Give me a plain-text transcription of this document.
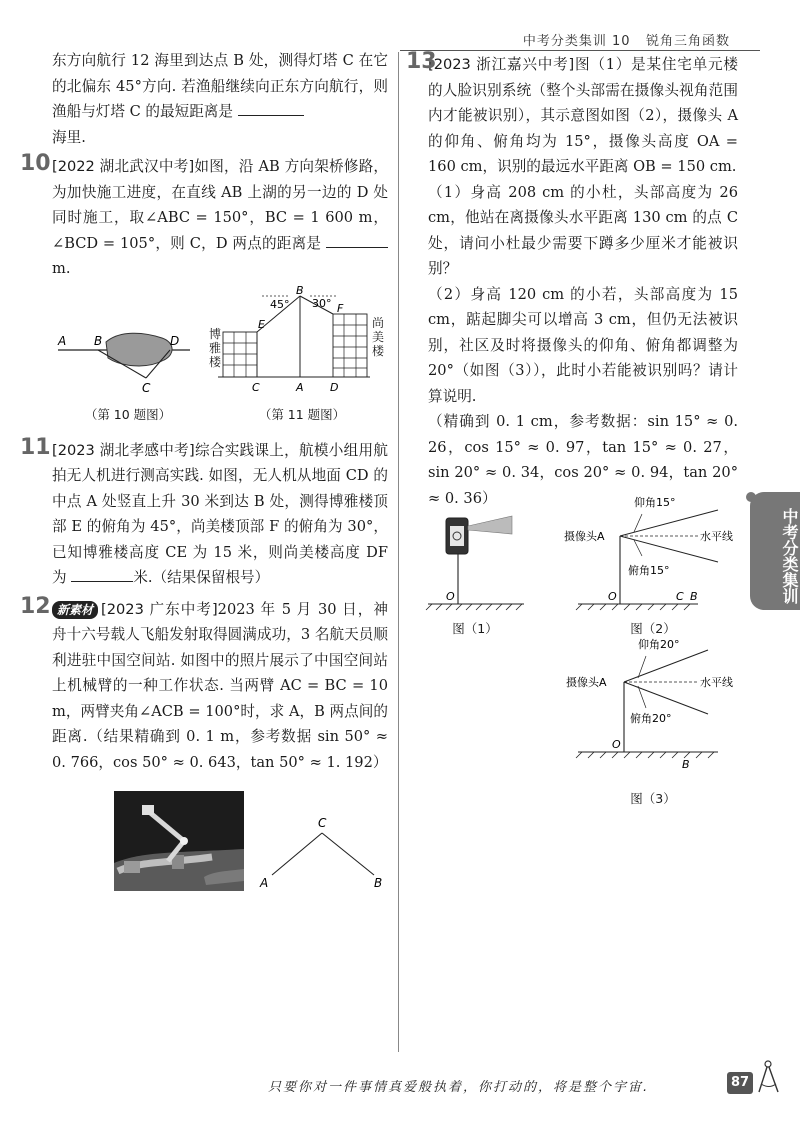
中考分类集训 10 锐角三角函数
东方向航行 12 海里到达点 B 处，测得灯塔 C 在它的北偏东 45°方向. 若渔船继续向正东方向航行，则渔船与灯塔 C 的最短距离是
海里.
10 [2022 湖北武汉中考]如图，沿 AB 方向架桥修路，为加快施工进度，在直线 AB 上湖的另一边的 D 处同时施工，取∠ABC = 150°，BC = 1 600 m，∠BCD = 105°，则 C，D 两点的距离是 m.
A B	D
C
B
45° 30°
E
F
C	A D
博雅楼
尚美楼
（第 10 题图）	（第 11 题图）
11 [2023 湖北孝感中考]综合实践课上，航模小组用航拍无人机进行测高实践. 如图，无人机从地面 CD 的中点 A 处竖直上升 30 米到达 B 处，测得博雅楼顶部 E 的俯角为 45°，尚美楼顶部 F 的俯角为 30°，已知博雅楼高度 CE 为 15 米，则尚美楼高度 DF 为	米.（结果保留根号）
12 新素材 [2023 广东中考]2023 年 5 月 30 日，神舟十六号载人飞船发射取得圆满成功，3 名航天员顺利进驻中国空间站. 如图中的照片展示了中国空间站上机械臂的一种工作状态. 当两臂 AC = BC = 10 m，两臂夹角∠ACB = 100°时，求 A，B 两点间的距离.（结果精确到 0. 1 m，参考数据 sin 50° ≈ 0. 766，cos 50° ≈ 0. 643，tan 50° ≈ 1. 192）
C
A	B
13
[2023 浙江嘉兴中考]图（1）是某住宅单元楼的人脸识别系统（整个头部需在摄像头视角范围内才能被识别），其示意图如图（2），摄像头 A 的仰角、俯角均为 15°，摄像头高度 OA = 160 cm，识别的最远水平距离 OB = 150 cm.
（1）身高 208 cm 的小杜，头部高度为 26 cm，他站在离摄像头水平距离 130 cm 的点 C 处，请问小杜最少需要下蹲多少厘米才能被识别？
（2）身高 120 cm 的小若，头部高度为 15 cm，踮起脚尖可以增高 3 cm，但仍无法被识别，社区及时将摄像头的仰角、俯角都调整为 20°（如图（3）），此时小若能被识别吗？请计算说明.
（精确到 0. 1 cm，参考数据：sin 15° ≈ 0. 26，cos 15° ≈ 0. 97，tan 15° ≈ 0. 27，sin 20° ≈ 0. 34，cos 20° ≈ 0. 94，tan 20° ≈ 0. 36）
O
图（1）
仰角15°
摄像头A	水平线
俯角15°
O	C B
图（2）
仰角20°
摄像头A	水平线
俯角20°
O
B
图（3）
中考分类集训
只要你对一件事情真爱般执着，你打动的，将是整个宇宙.	87
